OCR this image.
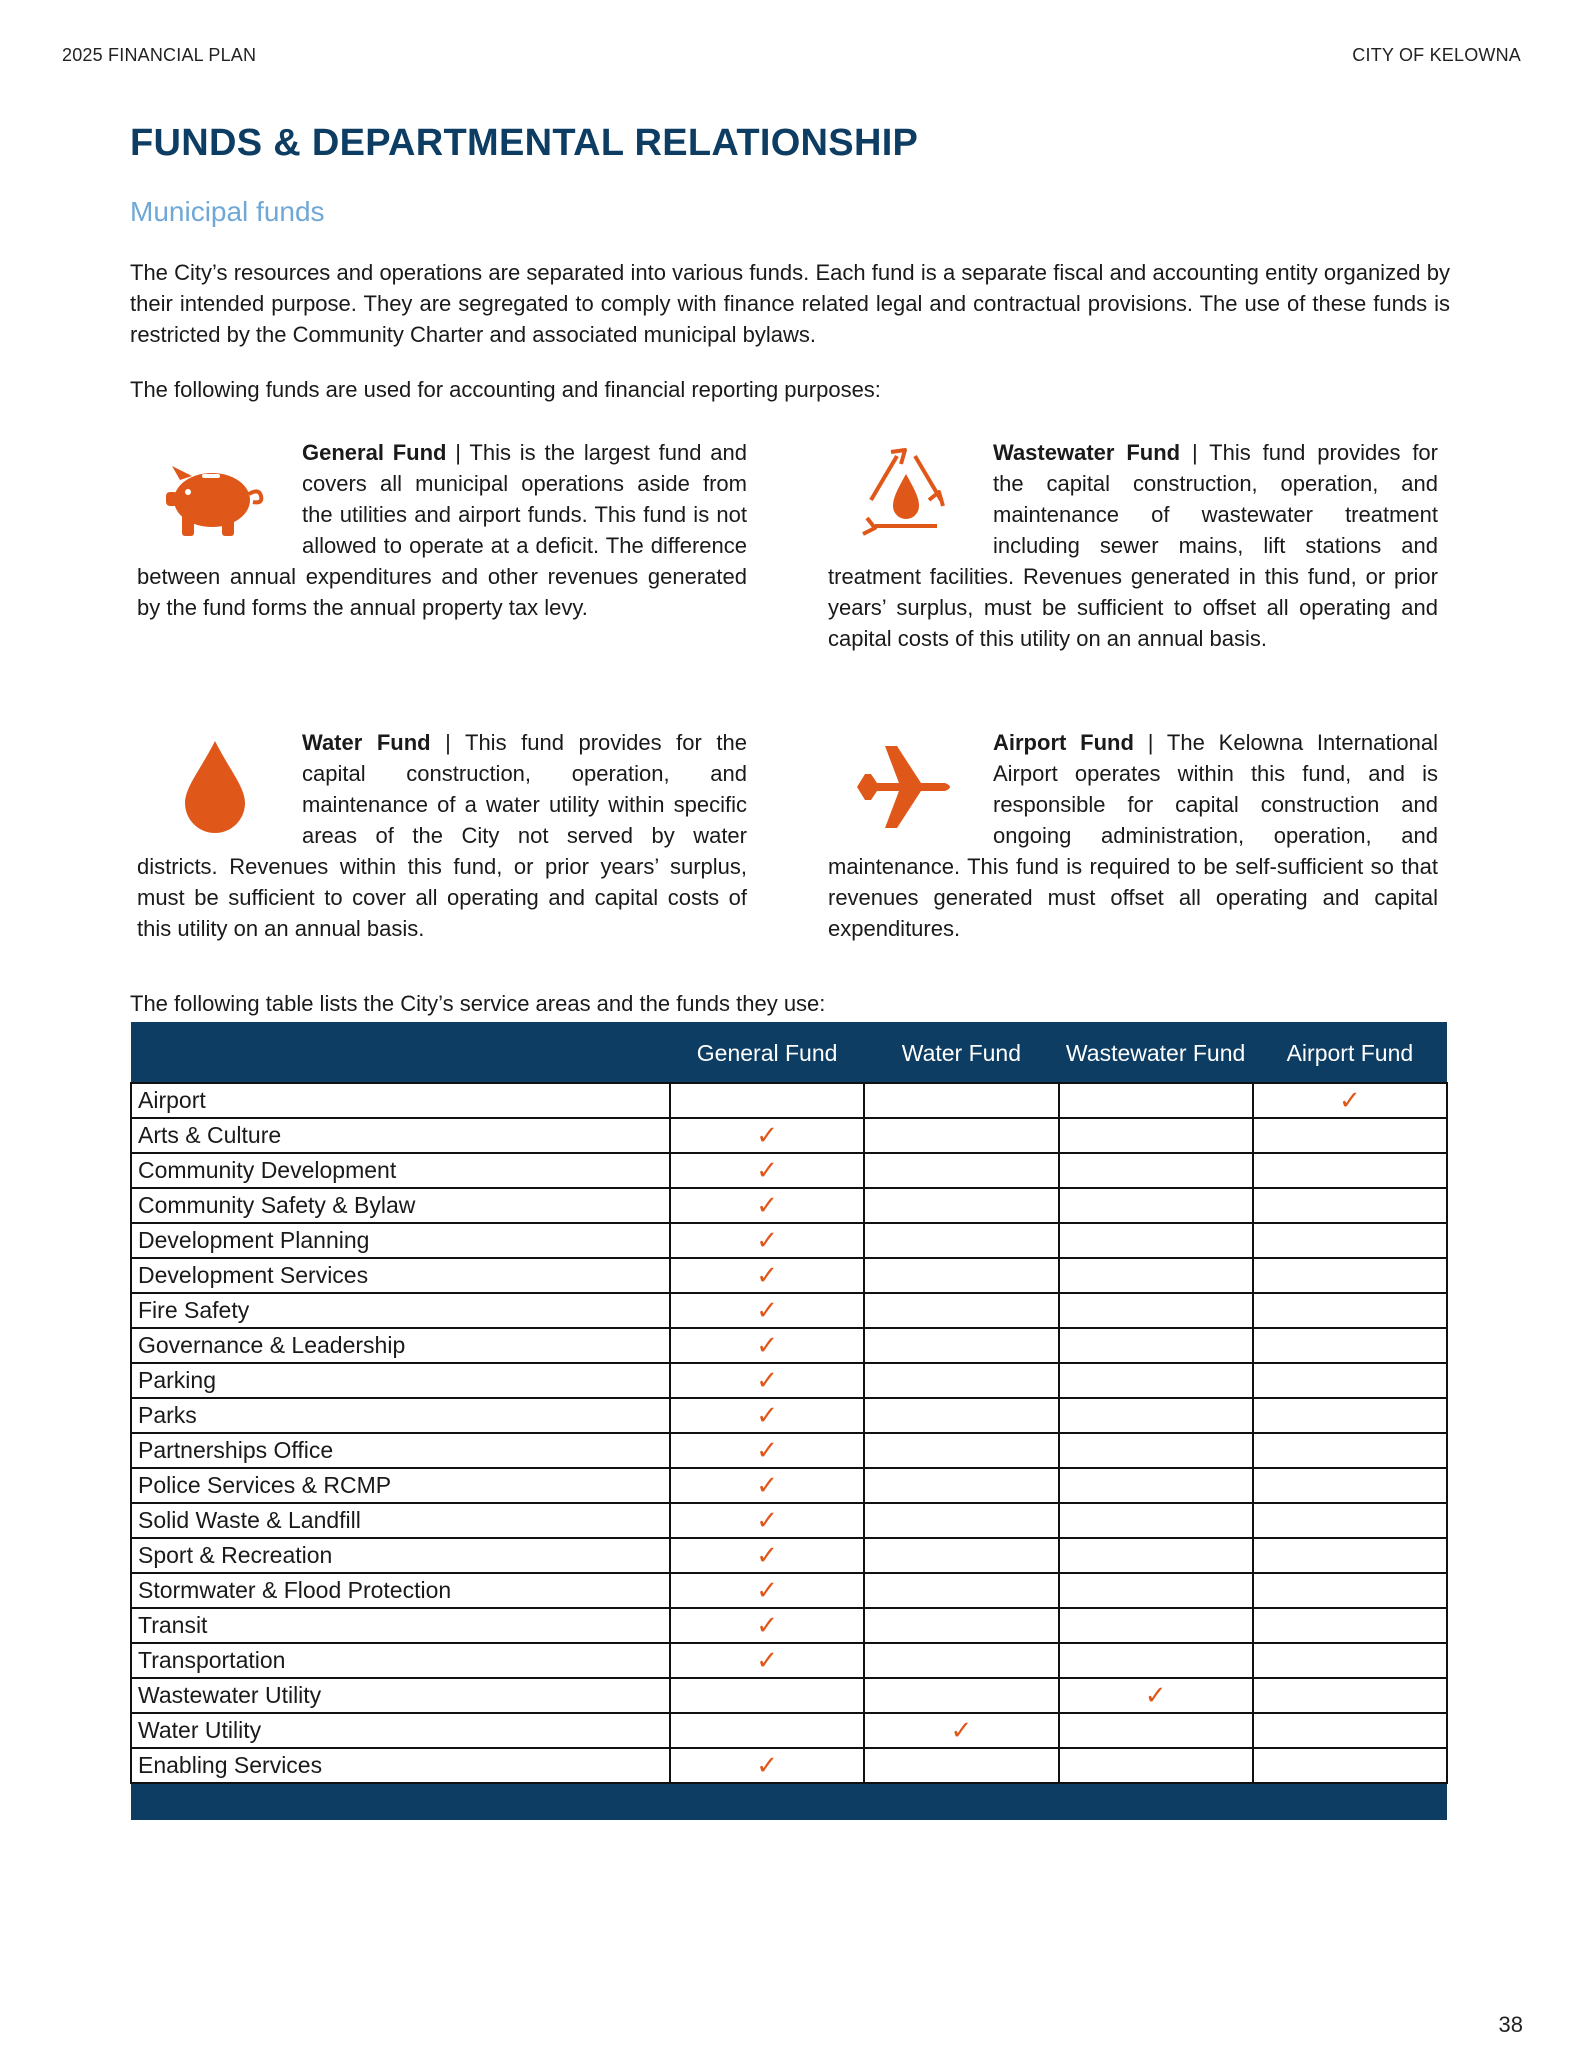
2025 FINANCIAL PLAN	CITY OF KELOWNA
FUNDS & DEPARTMENTAL RELATIONSHIP
Municipal funds

The City’s resources and operations are separated into various funds. Each fund is a separate fiscal and accounting entity organized by their intended purpose. They are segregated to comply with finance related legal and contractual provisions. The use of these funds is restricted by the Community Charter and associated municipal bylaws.

The following funds are used for accounting and financial reporting purposes:

General Fund | This is the largest fund and covers all municipal operations aside from the utilities and airport funds. This fund is not allowed to operate at a deficit. The difference between annual expenditures and other revenues generated by the fund forms the annual property tax levy.

Wastewater Fund | This fund provides for the capital construction, operation, and maintenance of wastewater treatment including sewer mains, lift stations and treatment facilities. Revenues generated in this fund, or prior years’ surplus, must be sufficient to offset all operating and capital costs of this utility on an annual basis.

Water Fund | This fund provides for the capital construction, operation, and maintenance of a water utility within specific areas of the City not served by water districts. Revenues within this fund, or prior years’ surplus, must be sufficient to cover all operating and capital costs of this utility on an annual basis.

Airport Fund | The Kelowna International Airport operates within this fund, and is responsible for capital construction and ongoing administration, operation, and maintenance. This fund is required to be self-sufficient so that revenues generated must offset all operating and capital expenditures.

The following table lists the City’s service areas and the funds they use:

	General Fund	Water Fund	Wastewater Fund	Airport Fund
Airport				✓
Arts & Culture	✓			
Community Development	✓			
Community Safety & Bylaw	✓			
Development Planning	✓			
Development Services	✓			
Fire Safety	✓			
Governance & Leadership	✓			
Parking	✓			
Parks	✓			
Partnerships Office	✓			
Police Services & RCMP	✓			
Solid Waste & Landfill	✓			
Sport & Recreation	✓			
Stormwater & Flood Protection	✓			
Transit	✓			
Transportation	✓			
Wastewater Utility			✓	
Water Utility		✓		
Enabling Services	✓			

38
